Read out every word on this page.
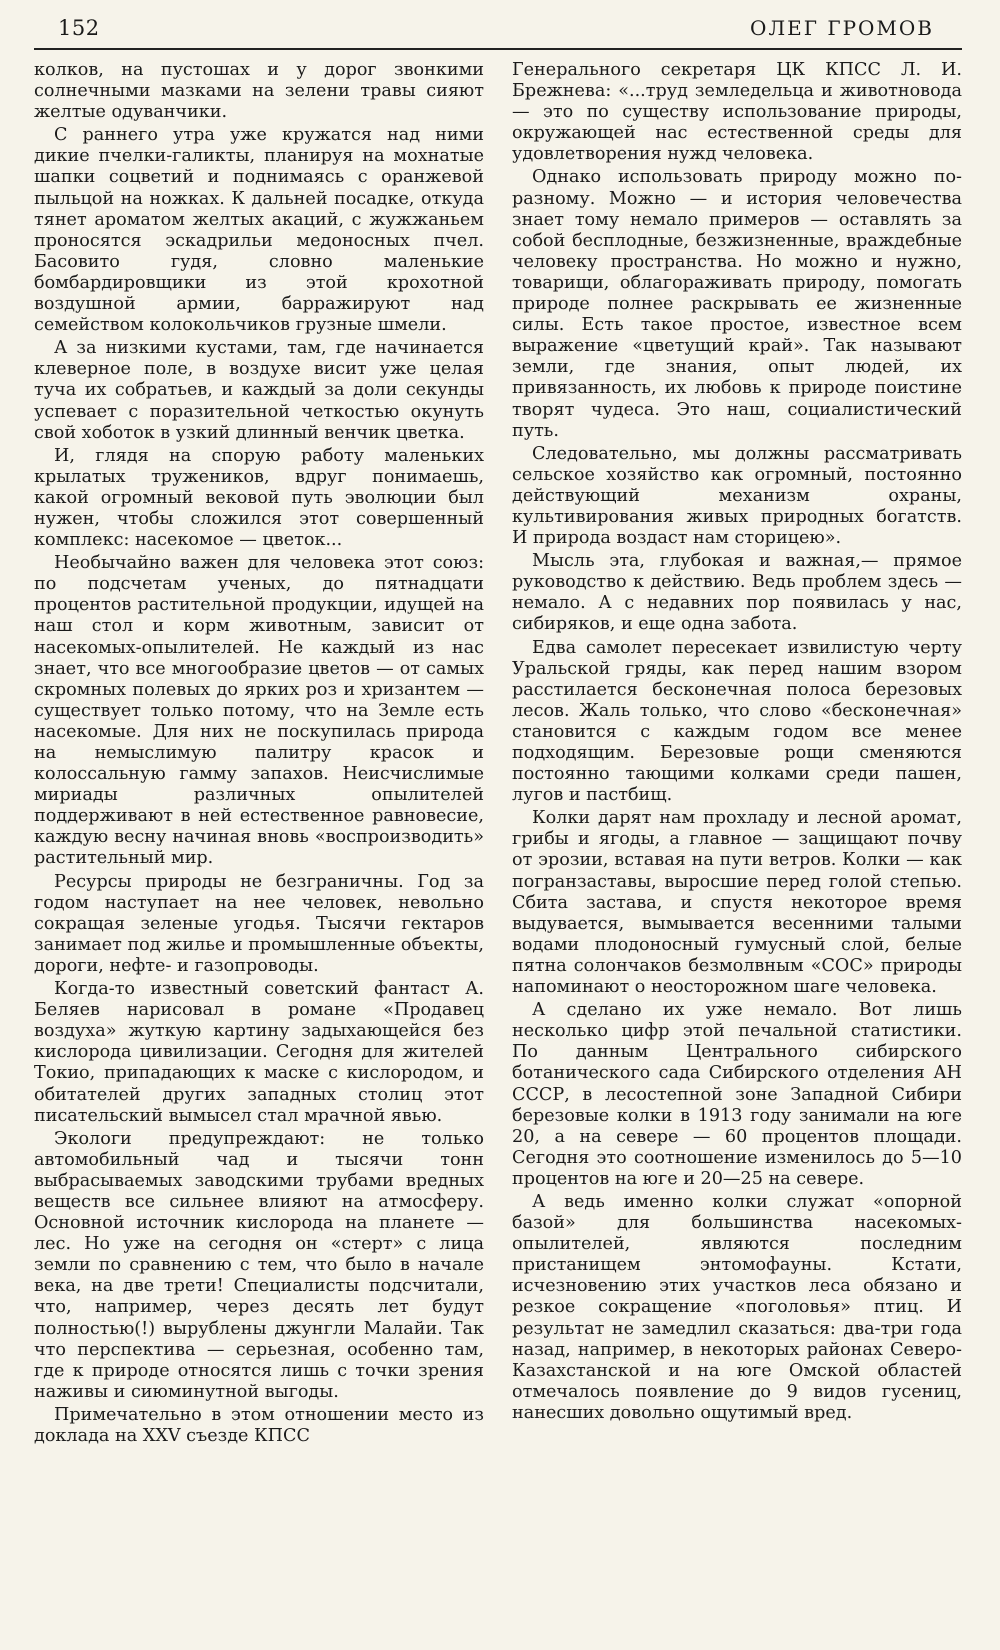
152	ОЛЕГ ГРОМОВ

колков, на пустошах и у дорог звонкими солнечными мазками на зелени травы сияют желтые одуванчики.

С раннего утра уже кружатся над ними дикие пчелки-галикты, планируя на мохнатые шапки соцветий и поднимаясь с оранжевой пыльцой на ножках. К дальней посадке, откуда тянет ароматом желтых акаций, с жужжаньем проносятся эскадрильи медоносных пчел. Басовито гудя, словно маленькие бомбардировщики из этой крохотной воздушной армии, барражируют над семейством колокольчиков грузные шмели.

А за низкими кустами, там, где начинается клеверное поле, в воздухе висит уже целая туча их собратьев, и каждый за доли секунды успевает с поразительной четкостью окунуть свой хоботок в узкий длинный венчик цветка.

И, глядя на спорую работу маленьких крылатых тружеников, вдруг понимаешь, какой огромный вековой путь эволюции был нужен, чтобы сложился этот совершенный комплекс: насекомое — цветок...

Необычайно важен для человека этот союз: по подсчетам ученых, до пятнадцати процентов растительной продукции, идущей на наш стол и корм животным, зависит от насекомых-опылителей. Не каждый из нас знает, что все многообразие цветов — от самых скромных полевых до ярких роз и хризантем — существует только потому, что на Земле есть насекомые. Для них не поскупилась природа на немыслимую палитру красок и колоссальную гамму запахов. Неисчислимые мириады различных опылителей поддерживают в ней естественное равновесие, каждую весну начиная вновь «воспроизводить» растительный мир.

Ресурсы природы не безграничны. Год за годом наступает на нее человек, невольно сокращая зеленые угодья. Тысячи гектаров занимает под жилье и промышленные объекты, дороги, нефте- и газопроводы.

Когда-то известный советский фантаст А. Беляев нарисовал в романе «Продавец воздуха» жуткую картину задыхающейся без кислорода цивилизации. Сегодня для жителей Токио, припадающих к маске с кислородом, и обитателей других западных столиц этот писательский вымысел стал мрачной явью.

Экологи предупреждают: не только автомобильный чад и тысячи тонн выбрасываемых заводскими трубами вредных веществ все сильнее влияют на атмосферу. Основной источник кислорода на планете — лес. Но уже на сегодня он «стерт» с лица земли по сравнению с тем, что было в начале века, на две трети! Специалисты подсчитали, что, например, через десять лет будут полностью(!) вырублены джунгли Малайи. Так что перспектива — серьезная, особенно там, где к природе относятся лишь с точки зрения наживы и сиюминутной выгоды.

Примечательно в этом отношении место из доклада на XXV съезде КПСС

Генерального секретаря ЦК КПСС Л. И. Брежнева: «...труд земледельца и животновода — это по существу использование природы, окружающей нас естественной среды для удовлетворения нужд человека.

Однако использовать природу можно по-разному. Можно — и история человечества знает тому немало примеров — оставлять за собой бесплодные, безжизненные, враждебные человеку пространства. Но можно и нужно, товарищи, облагораживать природу, помогать природе полнее раскрывать ее жизненные силы. Есть такое простое, известное всем выражение «цветущий край». Так называют земли, где знания, опыт людей, их привязанность, их любовь к природе поистине творят чудеса. Это наш, социалистический путь.

Следовательно, мы должны рассматривать сельское хозяйство как огромный, постоянно действующий механизм охраны, культивирования живых природных богатств. И природа воздаст нам сторицею».

Мысль эта, глубокая и важная,— прямое руководство к действию. Ведь проблем здесь — немало. А с недавних пор появилась у нас, сибиряков, и еще одна забота.

Едва самолет пересекает извилистую черту Уральской гряды, как перед нашим взором расстилается бесконечная полоса березовых лесов. Жаль только, что слово «бесконечная» становится с каждым годом все менее подходящим. Березовые рощи сменяются постоянно тающими колками среди пашен, лугов и пастбищ.

Колки дарят нам прохладу и лесной аромат, грибы и ягоды, а главное — защищают почву от эрозии, вставая на пути ветров. Колки — как погранзаставы, выросшие перед голой степью. Сбита застава, и спустя некоторое время выдувается, вымывается весенними талыми водами плодоносный гумусный слой, белые пятна солончаков безмолвным «СОС» природы напоминают о неосторожном шаге человека.

А сделано их уже немало. Вот лишь несколько цифр этой печальной статистики. По данным Центрального сибирского ботанического сада Сибирского отделения АН СССР, в лесостепной зоне Западной Сибири березовые колки в 1913 году занимали на юге 20, а на севере — 60 процентов площади. Сегодня это соотношение изменилось до 5—10 процентов на юге и 20—25 на севере.

А ведь именно колки служат «опорной базой» для большинства насекомых-опылителей, являются последним пристанищем энтомофауны. Кстати, исчезновению этих участков леса обязано и резкое сокращение «поголовья» птиц. И результат не замедлил сказаться: два-три года назад, например, в некоторых районах Северо-Казахстанской и на юге Омской областей отмечалось появление до 9 видов гусениц, нанесших довольно ощутимый вред.
